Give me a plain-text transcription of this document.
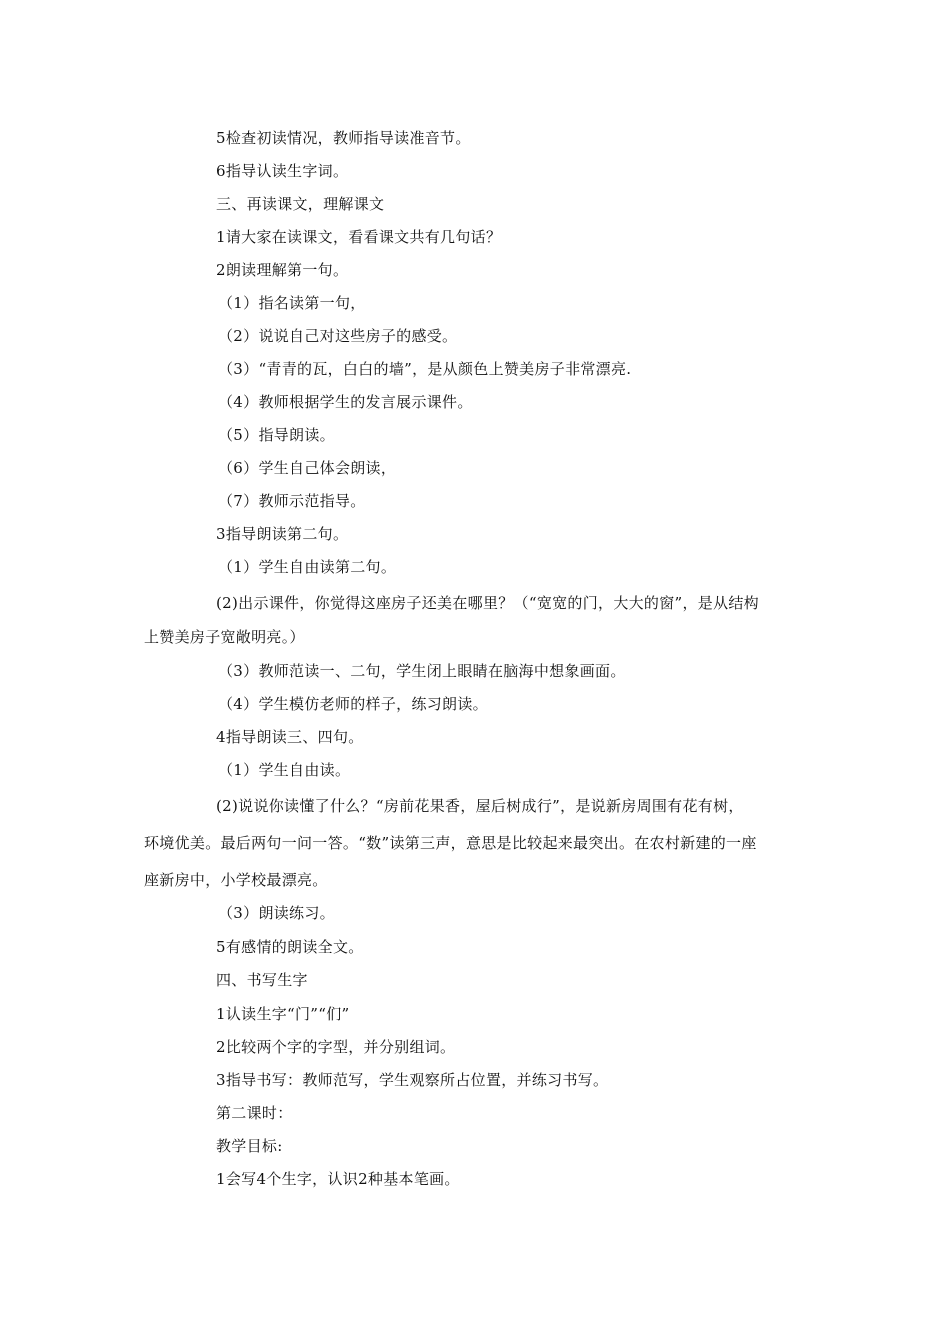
5检查初读情况，教师指导读准音节。
6指导认读生字词。
三、再读课文，理解课文
1请大家在读课文，看看课文共有几句话？
2朗读理解第一句。
（1）指名读第一句，
（2）说说自己对这些房子的感受。
（3）“青青的瓦，白白的墙”，是从颜色上赞美房子非常漂亮.
（4）教师根据学生的发言展示课件。
（5）指导朗读。
（6）学生自己体会朗读，
（7）教师示范指导。
3指导朗读第二句。
（1）学生自由读第二句。
(2)出示课件，你觉得这座房子还美在哪里？（“宽宽的门，大大的窗”，是从结构
上赞美房子宽敞明亮。）
（3）教师范读一、二句，学生闭上眼睛在脑海中想象画面。
（4）学生模仿老师的样子，练习朗读。
4指导朗读三、四句。
（1）学生自由读。
(2)说说你读懂了什么？“房前花果香，屋后树成行”，是说新房周围有花有树，
环境优美。最后两句一问一答。“数”读第三声，意思是比较起来最突出。在农村新建的一座
座新房中，小学校最漂亮。
（3）朗读练习。
5有感情的朗读全文。
四、书写生字
1认读生字“门”“们”
2比较两个字的字型，并分别组词。
3指导书写：教师范写，学生观察所占位置，并练习书写。
第二课时：
教学目标:
1会写4个生字，认识2种基本笔画。
